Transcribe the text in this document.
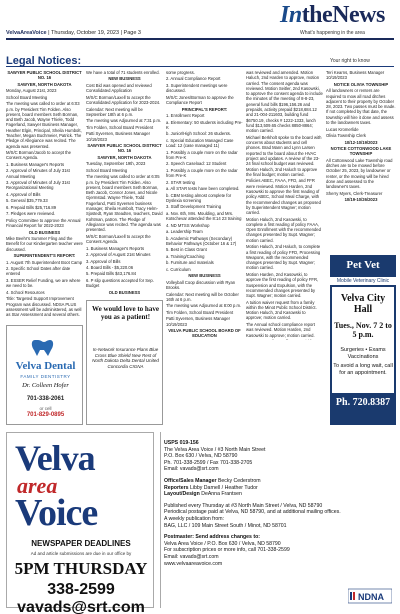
IntheNews
What's happening in the area
VelvaAreaVoice | Thursday, October 19, 2023 | Page 3
Legal Notices:	Your right to know

SAWYER PUBLIC SCHOOL DISTRICT NO. 16

SAWYER, NORTH DAKOTA

Monday, August 21st, 2023

School Board Meeting

The meeting was called to order at 6:03 p.m. by President Tim Folden. Also present, board members Seth Borman, and Beth Jacob, Wayne Thiele, Todd Fagerland, Sawyer Business Manager, Heather Elgin, Principal, Sheila Humbolt, Teacher, Megan Buchmeier, Patrick. The Pledge of Allegiance was recited. The agenda was presented.

M/S/C Borman/Jacob to accept the Consent Agenda.

1. Business Manager's Reports

2. Approval of Minutes of July 31st Annual Meeting

3. Approval of Minutes of July 31st Reorganizational Meeting

4. Approval of Bills

5. General $35,779.33

6. Prepaid Bills $25,716.89

7. Pledges were reviewed.

Policy Committee to approve the Annual Financial Report for 2022-2023

OLD BUSINESS

Mike Beehr's Summer Fling and the Benefit for our Kindergarten teacher were discussed.

SUPERINTENDENT'S REPORT:

1. August 7th Superintendent Boot Camp

2. Specific School Dates after date entered

3. ESSER Relief Funding, we are where we need to be.

4. School Resources

Title: Targeted Support Improvement Program was discussed. NDSA PLUS assessment will be administered, as well as Star Assessment and several others.

We have a total of 71 students enrolled.

NEW BUSINESS

Cost Bid was opened and reviewed Consolidated Application

M/S/C Borman/Laxell to accept the Consolidated Application for 2023-2024.

Calendar: Next meeting will be September 18th at 6 p.m.

The meeting was Adjourned at 7:31 p.m.

Tim Folden, School Board President

Patti Syversen, Business Manager 10/19/2023

SAWYER PUBLIC SCHOOL DISTRICT NO. 16

SAWYER, NORTH DAKOTA

Tuesday, September 19th, 2023

School Board Meeting

The meeting was called to order at 6:05 p.m. by President Tim Folden. Also present, board members Seth Borman, Beth Jacob, Connor Jones, and Nicole Gjermstad. Wayne Thiele, Todd Fagerland, Patti Syversen business manager, Sheila Humbolt, Tracy Helm-Sjostedt, Ryan Steadten, teachers, David Kohtman, patron. The Pledge of Allegiance was recited. The agenda was presented.

M/S/C Borman/Laxell to accept the Consent Agenda.

1. Business Manager's Reports

2. Approval of August 21st Minutes

3. Approval of Bills

4. Board Bills - $5,220.06

5. Prepaid Bills $43,176.84

6. P slip questions accepted for Sep. Budget

OLD BUSINESS

some progress.

2. Annual Compliance Report

3. Superintendent meetings were discussed.

M/S/C Jones/Borman to approve the Compliance Report

PRINCIPAL'S REPORT:

1. Enrollment Report

a. Elementary: 50 students including Pre-K

b. Junior/High School: 26 students.

c. Special Education Managed Case Load: 12 (case managed 11)

1. Possibly a couple more on the radar from Pre-K

2. Speech Caseload: 12 Student

1. Possibly a couple more on the radar from Pre-K

2. STAR testing

a. All STAR tests have been completed.

b. CBM testing almost complete for Dyslexia screening

3. Staff Development Training

a. Nov. 6th, Mrs. Moulding, and Mrs. Kotschevar attended the 8:14 23 training

4. ND MTSS Workshop

a. Leadership Team

b. Academic Pathways (Secondary) Behavior Pathways (October 16 & 17)

5. Best in Class Grant

a. Training/Coaching

b. Furniture and materials

c. Curriculum

NEW BUSINESS

Volleyball Coop discussion with Ryan Brooks.

Calendar: Next meeting will be October 16th at 6 p.m.

The meeting was Adjourned at 8:00 p.m.

Tim Folden, School Board President

Patti Syversen, Business Manager 10/19/2023

VELVA PUBLIC SCHOOL BOARD OF EDUCATION

was reviewed and amended. Motion Haluch, 2nd Harden to approve, motion carried. The consent agenda was reviewed. Motion Seitler, 2nd Kasowski, to approve the consent agenda to include the minutes of the meeting of 8-8-23, general fund bills $196,156.26 and prepaids, activity prepaid $218,684.12 and 21-004-211603, building fund $6750.19, checks # 1222-1333, lunch fund $13,509.65 checks 8850-8864; motion carried.

Michael Berkholt spoke to the board with concerns about students and cell phones. Brad Mann and Lynn Larsen reported to the board about the HVAC project and updates. A review of the 23-24 final school budget was reviewed. Motion Haluch, 2nd Haluch to approve the final budget; motion carried.

Policies ABEC, FAAA, FFD, and FFR were reviewed. Motion Harden, 2nd Kasowski to approve the first reading of policy ABEC, School Meal Charge, with the recommended changes as proposed by Superintendent Wagner; motion carried.

Motion Haluch, 2nd Kasowski, to complete a first reading of policy FAAA, Open Enrollment with the recommended changes presented by Supt. Wagner; motion carried.

Motion Haluch, 2nd Haluch, to complete a first reading of policy FFD, Processing Weapons, with the recommended changes presented by Supt. Wagner; motion carried.

Motion Harden, 2nd Kasowski, to approve the first reading of policy FFR, Suspension and Expulsion, with the recommended changes presented by Supt. Wagner; motion carried.

A tuition waiver request from a family within the Minot Public School District. Motion Haluch, 2nd Kasowski to approve; motion carried.

The Annual school compliance report was reviewed. Motion Harden, 2nd Kasowski to approve; motion carried.

Teri Kearns, Business Manager 10/19/2023

NOTICE OLIVIA TOWNSHIP

All landowners or renters are required to mow all road ditches adjacent to their property by October 28, 2023. Two passes must be made. If not completed by that date, the township will hire it done and assess to the landowners taxes.

Lucas Kromerlide

Olivia Township Clerk

10/12-10/19/2023

NOTICE COTTONWOOD LAKE TOWNSHIP

All Cottonwood Lake Township road ditches are to be mowed before October 25, 2023, by landowner or renter, or the mowing will be hired done and assessed to the landowner's taxes.

Sherry Myers, Clerk-Treasurer

10/19-10/26/2023

Velva Dental
FAMILY DENTISTRY
Dr. Colleen Hofer
701-338-2061
or cell
701-829-0895
We would love to have you as a patient!
In-Network Insurance Plans Blue Cross Blue Shield New Rest of North Dakota Delta Dental United Concordia CIGNA
Pet Vet
Mobile Veterinary Clinic
Velva City Hall
Tues., Nov. 7 2 to 5 p.m.
Surgeries • Exams Vaccinations
To avoid a long wait, call for an appointment.
Ph. 720.8387
Velva
area
Voice
NEWSPAPER DEADLINES
Ad and article submissions are due in our office by
5PM THURSDAY
338-2599 vavads@srt.com

USPS 019-156

The Velva Area Voice / #3 North Main Street

P.O. Box 630 / Velva, ND 58790

Ph. 701-338-2599 / Fax 701-338-2705

Email: vavads@srt.com

Office/Sales Manager Becky Cederstrom

Reporters Libby Darnell / Heather Tudor

Layout/Design DeAnna Frantsen

Published every Thursday at #3 North Main Street / Velva, ND 58790

Periodical postage paid at Velva, ND 58790, and at additional mailing offices.

A weekly publication from:

BAG, LLC / 109 Main Street South / Minot, ND 58701

Postmaster: Send address changes to:

Velva Area Voice / P.O. Box 630 / Velva, ND 58790

For subscription prices or more info, call 701-338-2599

Email: vavads@srt.com

www.velvaareavoice.com

NDNA
